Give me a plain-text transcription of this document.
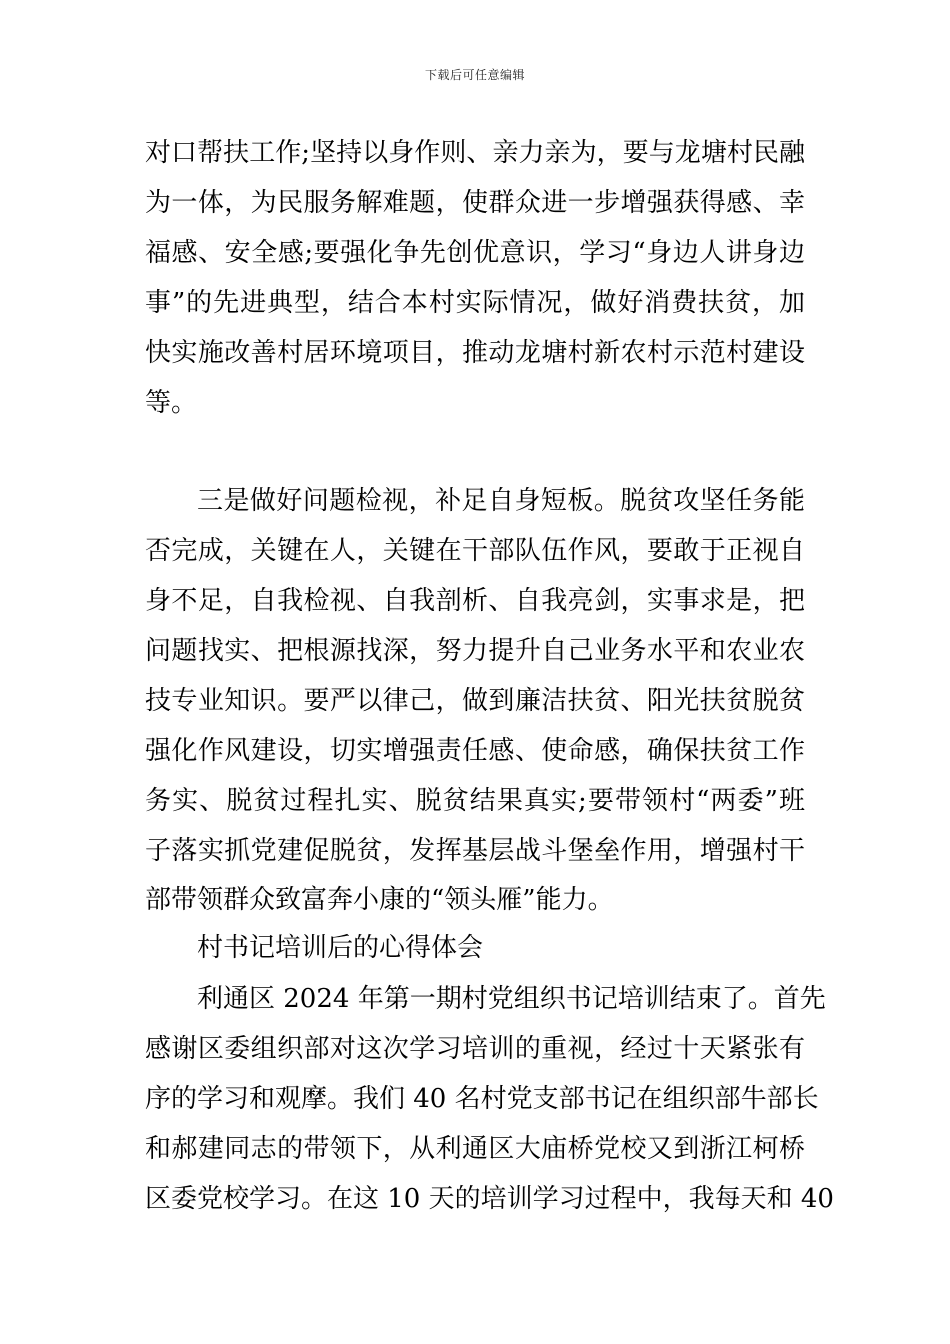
下载后可任意编辑
对口帮扶工作;坚持以身作则、亲力亲为，要与龙塘村民融
为一体，为民服务解难题，使群众进一步增强获得感、幸
福感、安全感;要强化争先创优意识，学习“身边人讲身边
事”的先进典型，结合本村实际情况，做好消费扶贫，加
快实施改善村居环境项目，推动龙塘村新农村示范村建设
等。
三是做好问题检视，补足自身短板。脱贫攻坚任务能
否完成，关键在人，关键在干部队伍作风，要敢于正视自
身不足，自我检视、自我剖析、自我亮剑，实事求是，把
问题找实、把根源找深，努力提升自己业务水平和农业农
技专业知识。要严以律己，做到廉洁扶贫、阳光扶贫脱贫
强化作风建设，切实增强责任感、使命感，确保扶贫工作
务实、脱贫过程扎实、脱贫结果真实;要带领村“两委”班
子落实抓党建促脱贫，发挥基层战斗堡垒作用，增强村干
部带领群众致富奔小康的“领头雁”能力。
村书记培训后的心得体会
利通区 2024 年第一期村党组织书记培训结束了。首先
感谢区委组织部对这次学习培训的重视，经过十天紧张有
序的学习和观摩。我们 40 名村党支部书记在组织部牛部长
和郝建同志的带领下，从利通区大庙桥党校又到浙江柯桥
区委党校学习。在这 10 天的培训学习过程中，我每天和 40
